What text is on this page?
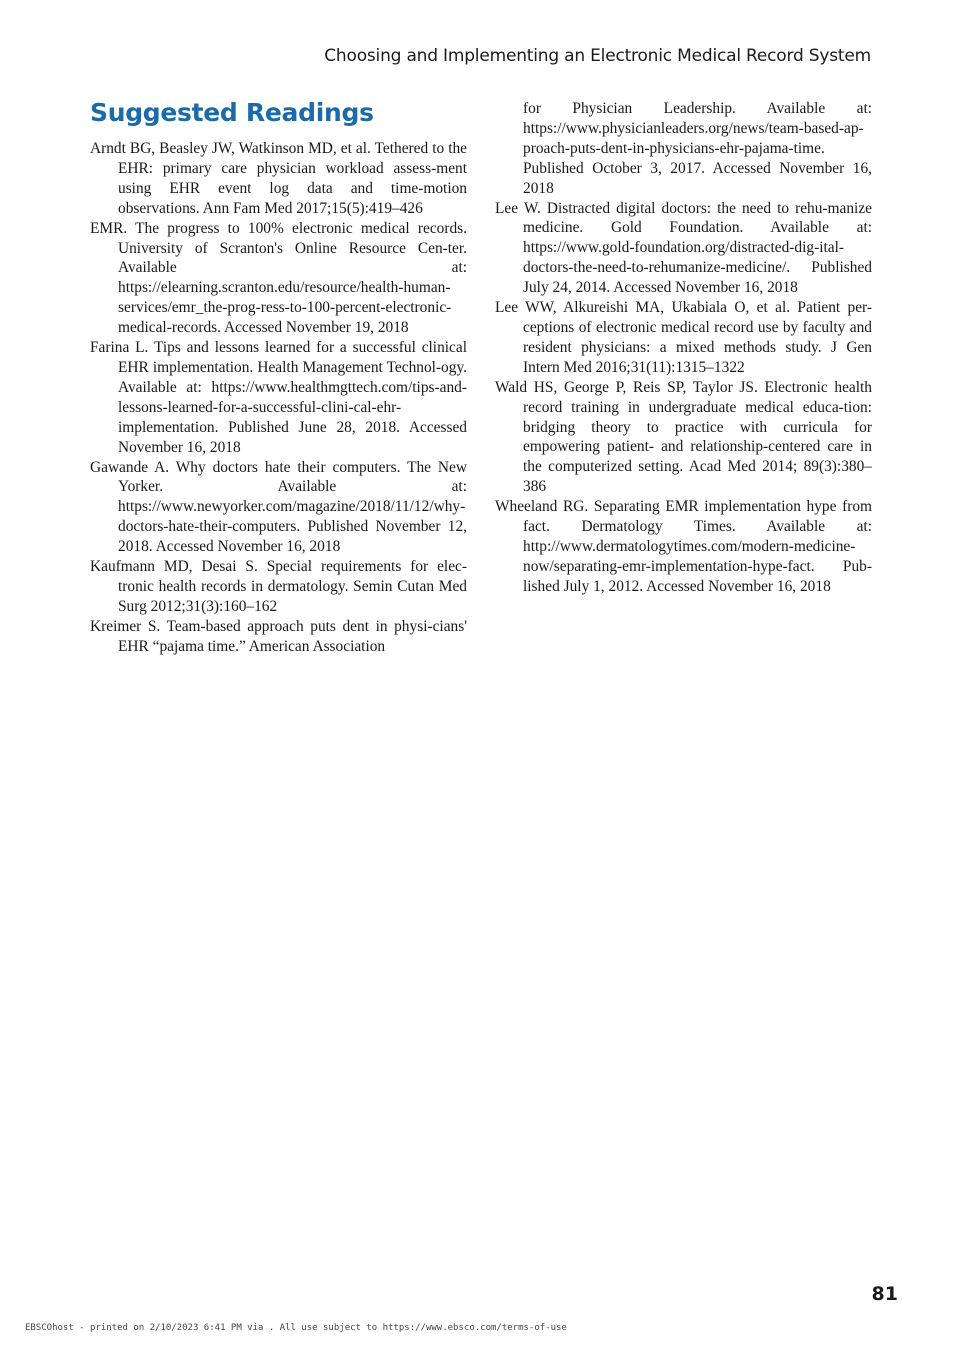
Choosing and Implementing an Electronic Medical Record System
Suggested Readings

Arndt BG, Beasley JW, Watkinson MD, et al. Tethered to the EHR: primary care physician workload assess-ment using EHR event log data and time-motion observations. Ann Fam Med 2017;15(5):419–426

EMR. The progress to 100% electronic medical records. University of Scranton's Online Resource Cen-ter. Available at: https://elearning.scranton.edu/resource/health-human-services/emr_the-prog-ress-to-100-percent-electronic-medical-records. Accessed November 19, 2018

Farina L. Tips and lessons learned for a successful clinical EHR implementation. Health Management Technol-ogy. Available at: https://www.healthmgttech.com/tips-and-lessons-learned-for-a-successful-clini-cal-ehr-implementation. Published June 28, 2018. Accessed November 16, 2018

Gawande A. Why doctors hate their computers. The New Yorker. Available at: https://www.newyorker.com/magazine/2018/11/12/why-doctors-hate-their-computers. Published November 12, 2018. Accessed November 16, 2018

Kaufmann MD, Desai S. Special requirements for elec-tronic health records in dermatology. Semin Cutan Med Surg 2012;31(3):160–162

Kreimer S. Team-based approach puts dent in physi-cians' EHR “pajama time.” American Association

for Physician Leadership. Available at: https://www.physicianleaders.org/news/team-based-ap-proach-puts-dent-in-physicians-ehr-pajama-time. Published October 3, 2017. Accessed November 16, 2018

Lee W. Distracted digital doctors: the need to rehu-manize medicine. Gold Foundation. Available at: https://www.gold-foundation.org/distracted-dig-ital-doctors-the-need-to-rehumanize-medicine/. Published July 24, 2014. Accessed November 16, 2018

Lee WW, Alkureishi MA, Ukabiala O, et al. Patient per-ceptions of electronic medical record use by faculty and resident physicians: a mixed methods study. J Gen Intern Med 2016;31(11):1315–1322

Wald HS, George P, Reis SP, Taylor JS. Electronic health record training in undergraduate medical educa-tion: bridging theory to practice with curricula for empowering patient- and relationship-centered care in the computerized setting. Acad Med 2014; 89(3):380–386

Wheeland RG. Separating EMR implementation hype from fact. Dermatology Times. Available at: http://www.dermatologytimes.com/modern-medicine-now/separating-emr-implementation-hype-fact. Pub-lished July 1, 2012. Accessed November 16, 2018

81
EBSCOhost - printed on 2/10/2023 6:41 PM via . All use subject to https://www.ebsco.com/terms-of-use
